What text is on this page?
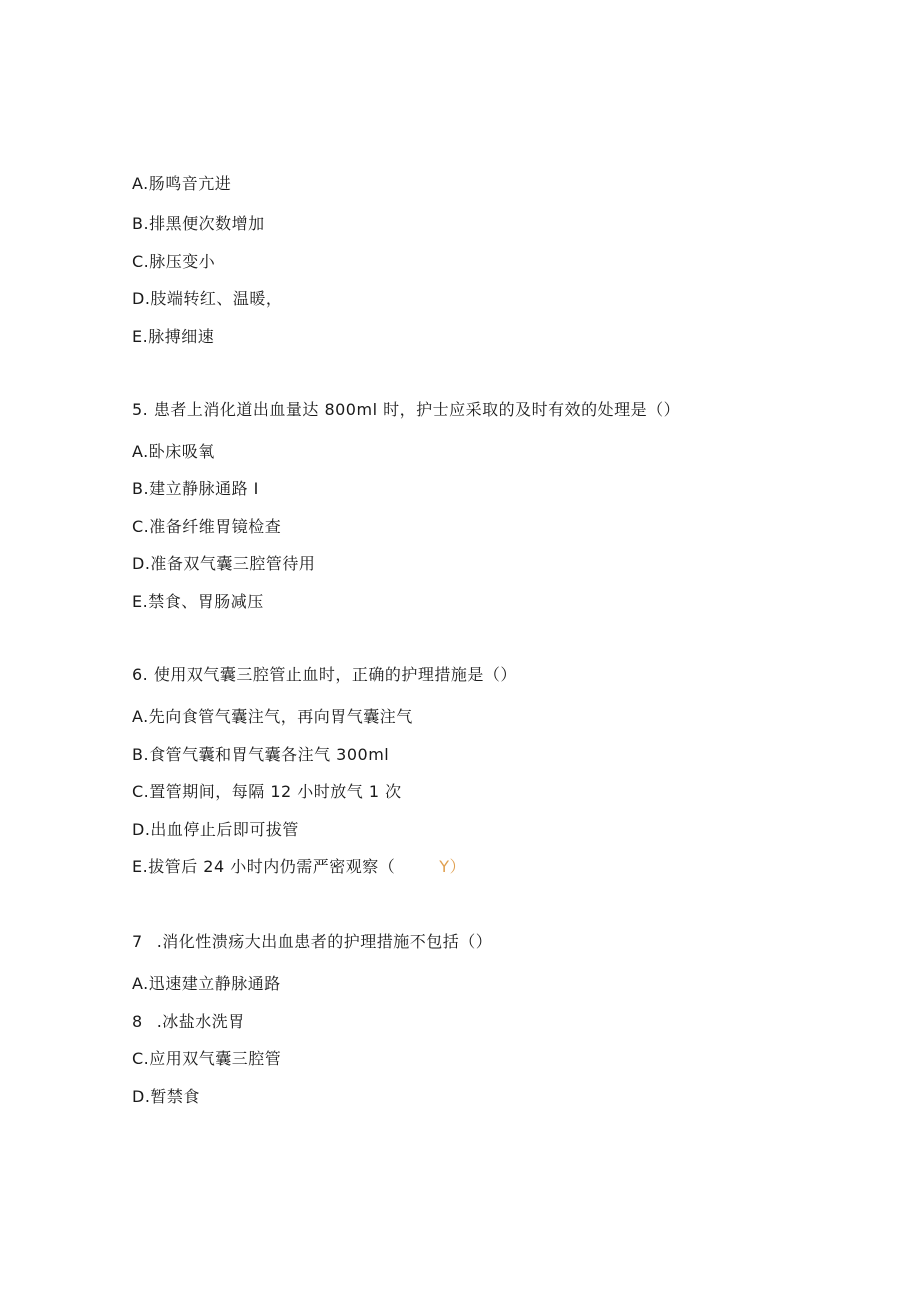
A.肠鸣音亢进
B.排黑便次数增加
C.脉压变小
D.肢端转红、温暖，
E.脉搏细速
5. 患者上消化道出血量达 800ml 时，护士应采取的及时有效的处理是（）
A.卧床吸氧
B.建立静脉通路 I
C.准备纤维胃镜检查
D.准备双气囊三腔管待用
E.禁食、胃肠减压
6. 使用双气囊三腔管止血时，正确的护理措施是（）
A.先向食管气囊注气，再向胃气囊注气
B.食管气囊和胃气囊各注气 300ml
C.置管期间，每隔 12 小时放气 1 次
D.出血停止后即可拔管
E.拔管后 24 小时内仍需严密观察（	Y）
7 .消化性溃疡大出血患者的护理措施不包括（）
A.迅速建立静脉通路
8 .冰盐水洗胃
C.应用双气囊三腔管
D.暂禁食
